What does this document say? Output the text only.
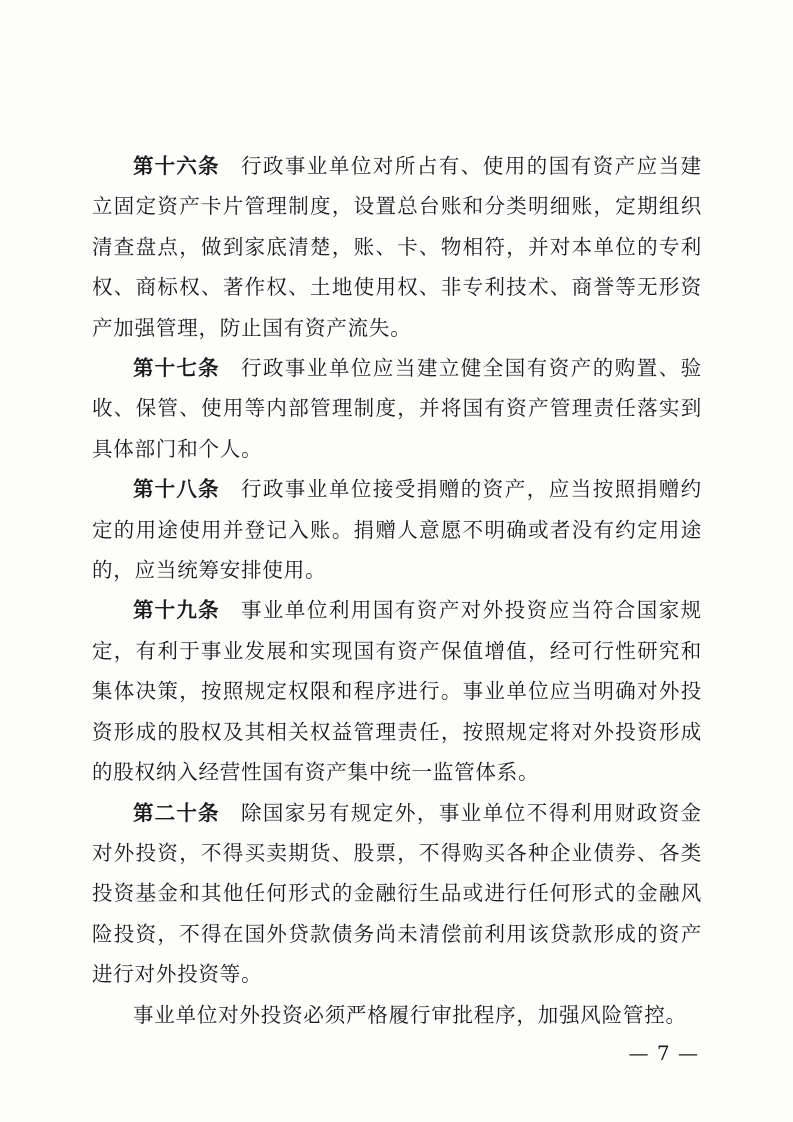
第十六条 行政事业单位对所占有、使用的国有资产应当建立固定资产卡片管理制度，设置总台账和分类明细账，定期组织清查盘点，做到家底清楚，账、卡、物相符，并对本单位的专利权、商标权、著作权、土地使用权、非专利技术、商誉等无形资产加强管理，防止国有资产流失。

第十七条 行政事业单位应当建立健全国有资产的购置、验收、保管、使用等内部管理制度，并将国有资产管理责任落实到具体部门和个人。

第十八条 行政事业单位接受捐赠的资产，应当按照捐赠约定的用途使用并登记入账。捐赠人意愿不明确或者没有约定用途的，应当统筹安排使用。

第十九条 事业单位利用国有资产对外投资应当符合国家规定，有利于事业发展和实现国有资产保值增值，经可行性研究和集体决策，按照规定权限和程序进行。事业单位应当明确对外投资形成的股权及其相关权益管理责任，按照规定将对外投资形成的股权纳入经营性国有资产集中统一监管体系。

第二十条 除国家另有规定外，事业单位不得利用财政资金对外投资，不得买卖期货、股票，不得购买各种企业债券、各类投资基金和其他任何形式的金融衍生品或进行任何形式的金融风险投资，不得在国外贷款债务尚未清偿前利用该贷款形成的资产进行对外投资等。

事业单位对外投资必须严格履行审批程序，加强风险管控。

— 7 —
